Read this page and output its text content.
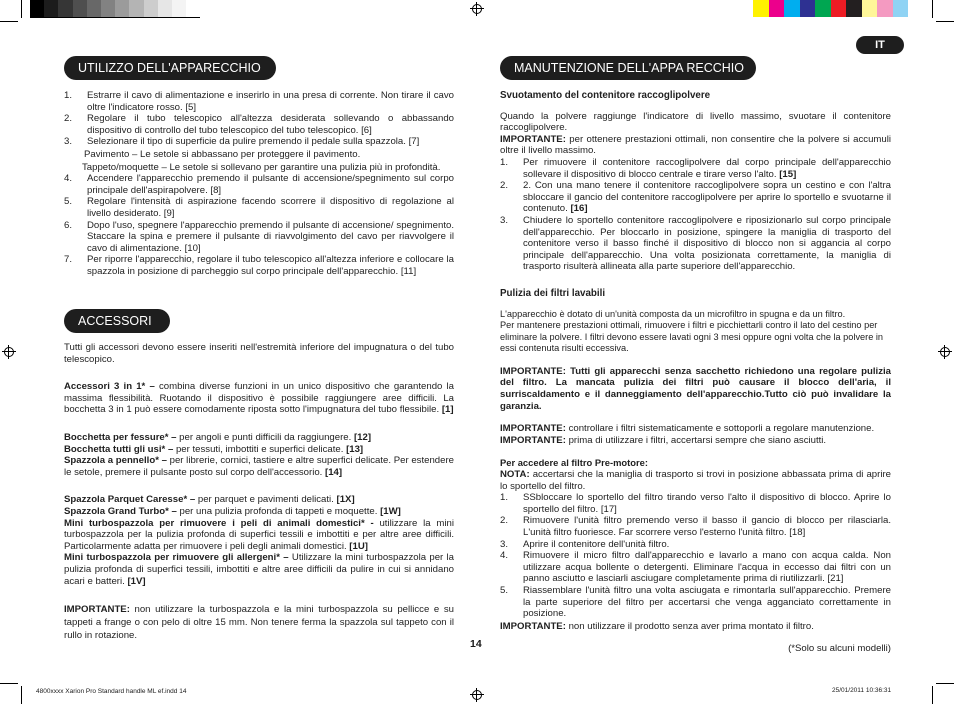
IT
UTILIZZO DELL'APPARECCHIO

1. Estrarre il cavo di alimentazione e inserirlo in una presa di corrente. Non tirare il cavo oltre l'indicatore rosso. [5]

2. Regolare il tubo telescopico all'altezza desiderata sollevando o abbassando dispositivo di controllo del tubo telescopico del tubo telescopico. [6]

3. Selezionare il tipo di superficie da pulire premendo il pedale sulla spazzola. [7]

Pavimento – Le setole si abbassano per proteggere il pavimento.

Tappeto/moquette – Le setole si sollevano per garantire una pulizia più in profondità.

4. Accendere l'apparecchio premendo il pulsante di accensione/spegnimento sul corpo principale dell'aspirapolvere. [8]

5. Regolare l'intensità di aspirazione facendo scorrere il dispositivo di regolazione al livello desiderato. [9]

6. Dopo l'uso, spegnere l'apparecchio premendo il pulsante di accensione/ spegnimento. Staccare la spina e premere il pulsante di riavvolgimento del cavo per riavvolgere il cavo di alimentazione. [10]

7. Per riporre l'apparecchio, regolare il tubo telescopico all'altezza inferiore e collocare la spazzola in posizione di parcheggio sul corpo principale dell'apparecchio. [11]

ACCESSORI

Tutti gli accessori devono essere inseriti nell'estremità inferiore del impugnatura o del tubo telescopico.

Accessori 3 in 1* – combina diverse funzioni in un unico dispositivo che garantendo la massima flessibilità. Ruotando il dispositivo è possibile raggiungere aree difficili. La bocchetta 3 in 1 può essere comodamente riposta sotto l'impugnatura del tubo flessibile. [1]

Bocchetta per fessure* – per angoli e punti difficili da raggiungere. [12]

Bocchetta tutti gli usi* – per tessuti, imbottiti e superfici delicate. [13]

Spazzola a pennello* – per librerie, cornici, tastiere e altre superfici delicate. Per estendere le setole, premere il pulsante posto sul corpo dell'accessorio. [14]

Spazzola Parquet Caresse* – per parquet e pavimenti delicati. [1X]

Spazzola Grand Turbo* – per una pulizia profonda di tappeti e moquette. [1W]

Mini turbospazzola per rimuovere i peli di animali domestici* - utilizzare la mini turbospazzola per la pulizia profonda di superfici tessili e imbottiti e per altre aree difficili. Particolarmente adatta per rimuovere i peli degli animali domestici. [1U]

Mini turbospazzola per rimuovere gli allergeni* – Utilizzare la mini turbospazzola per la pulizia profonda di superfici tessili, imbottiti e altre aree difficili da pulire in cui si annidano acari e batteri. [1V]

IMPORTANTE: non utilizzare la turbospazzola e la mini turbospazzola su pellicce e su tappeti a frange o con pelo di oltre 15 mm. Non tenere ferma la spazzola sul tappeto con il rullo in rotazione.

MANUTENZIONE DELL'APPA RECCHIO
Svuotamento del contenitore raccoglipolvere

Quando la polvere raggiunge l'indicatore di livello massimo, svuotare il contenitore raccoglipolvere.

IMPORTANTE: per ottenere prestazioni ottimali, non consentire che la polvere si accumuli oltre il livello massimo.

1. Per rimuovere il contenitore raccoglipolvere dal corpo principale dell'apparecchio sollevare il dispositivo di blocco centrale e tirare verso l'alto. [15]

2. 2. Con una mano tenere il contenitore raccoglipolvere sopra un cestino e con l'altra sbloccare il gancio del contenitore raccoglipolvere per aprire lo sportello e svuotarne il contenuto. [16]

3. Chiudere lo sportello contenitore raccoglipolvere e riposizionarlo sul corpo principale dell'apparecchio. Per bloccarlo in posizione, spingere la maniglia di trasporto del contenitore verso il basso finché il dispositivo di blocco non si aggancia al corpo principale dell'apparecchio. Una volta posizionata correttamente, la maniglia di trasporto risulterà allineata alla parte superiore dell'apparecchio.

Pulizia dei filtri lavabili

L'apparecchio è dotato di un'unità composta da un microfiltro in spugna e da un filtro.

Per mantenere prestazioni ottimali, rimuovere i filtri e picchiettarli contro il lato del cestino per eliminare la polvere. I filtri devono essere lavati ogni 3 mesi oppure ogni volta che la polvere in essi contenuta risulti eccessiva.

IMPORTANTE: Tutti gli apparecchi senza sacchetto richiedono una regolare pulizia del filtro. La mancata pulizia dei filtri può causare il blocco dell'aria, il surriscaldamento e il danneggiamento dell'apparecchio.Tutto ciò può invalidare la garanzia.

IMPORTANTE: controllare i filtri sistematicamente e sottoporli a regolare manutenzione.

IMPORTANTE: prima di utilizzare i filtri, accertarsi sempre che siano asciutti.

Per accedere al filtro Pre-motore:

NOTA: accertarsi che la maniglia di trasporto si trovi in posizione abbassata prima di aprire lo sportello del filtro.

1. SSbloccare lo sportello del filtro tirando verso l'alto il dispositivo di blocco. Aprire lo sportello del filtro. [17]

2. Rimuovere l'unità filtro premendo verso il basso il gancio di blocco per rilasciarla. L'unità filtro fuoriesce. Far scorrere verso l'esterno l'unità filtro. [18]

3. Aprire il contenitore dell'unità filtro.

4. Rimuovere il micro filtro dall'apparecchio e lavarlo a mano con acqua calda. Non utilizzare acqua bollente o detergenti. Eliminare l'acqua in eccesso dai filtri con un panno asciutto e lasciarli asciugare completamente prima di riutilizzarli. [21]

5. Riassemblare l'unità filtro una volta asciugata e rimontarla sull'apparecchio. Premere la parte superiore del filtro per accertarsi che venga agganciato correttamente in posizione.

IMPORTANTE: non utilizzare il prodotto senza aver prima montato il filtro.

(*Solo su alcuni modelli)
14
4800xxxx Xarion Pro Standard handle ML ef.indd 14	25/01/2011 10:36:31
